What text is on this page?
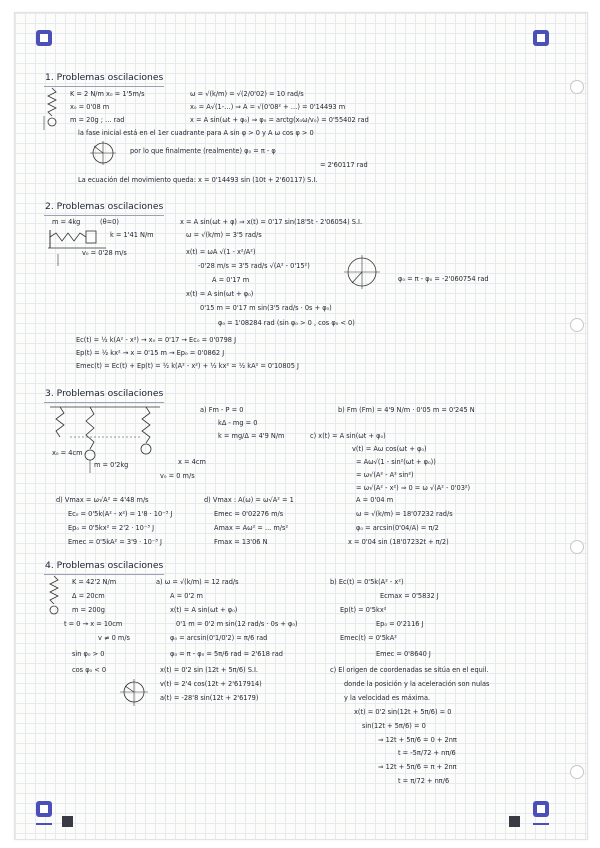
1. Problemas oscilaciones
K = 2 N/m x₀ = 1'5m/s	ω = √(k/m) = √(2/0'02) = 10 rad/s
x₀ = 0'08 m	x₀ = A√(1-…) ⇒ A = √(0'08² + …) = 0'14493 m
m = 20g ; ... rad	x = A sin(ωt + φ₀) ⇒ φ₀ = arctg(x₀ω/v₀) = 0'55402 rad
la fase inicial está en el 1er cuadrante para A sin φ > 0 y A ω cos φ > 0
por lo que finalmente (realmente) φ₀ = π - φ
= 2'60117 rad
La ecuación del movimiento queda: x = 0'14493 sin (10t + 2'60117) S.I.
2. Problemas oscilaciones
m = 4kg	(θ=0)	x = A sin(ωt + φ) ⇒ x(t) = 0'17 sin(18'5t - 2'06054) S.I.
k = 1'41 N/m	ω = √(k/m) = 3'5 rad/s
v₀ = 0'28 m/s	x(t) = ωA √(1 - x²/A²)
-0'28 m/s = 3'5 rad/s √(A² - 0'15²)
A = 0'17 m
x(t) = A sin(ωt + φ₀)
0'15 m = 0'17 m sin(3'5 rad/s · 0s + φ₀)
φ₀ = 1'08284 rad (sin φ₀ > 0 , cos φ₀ < 0)
φ₀ = π - φ₀ = -2'060754 rad
Ec(t) = ½ k(A² - x²) → x₀ = 0'17 → Ec₀ = 0'0798 J
Ep(t) = ½ kx² → x = 0'15 m → Ep₀ = 0'0862 J
Emec(t) = Ec(t) + Ep(t) = ½ k(A² - x²) + ½ kx² = ½ kA² = 0'10805 J
3. Problemas oscilaciones
x₀ = 4cm
m = 0'2kg	x = 4cm
v₀ = 0 m/s
a) Fm - P = 0
kΔ - mg = 0
k = mg/Δ = 4'9 N/m
b) Fm (Fm) = 4'9 N/m · 0'05 m = 0'245 N
c) x(t) = A sin(ωt + φ₀)
v(t) = Aω cos(ωt + φ₀)
= Aω√(1 - sin²(ωt + φ₀))
= ω√(A² - A² sin²)
= ω√(A² - x²) ⇒ 0 = ω √(A² - 0'03²)
d) Vmax = ω√A² = 4'48 m/s	d) Vmax : A(ω) = ω√A² = 1	A = 0'04 m
Ec₀ = 0'5k(A² - x²) = 1'8 · 10⁻³ J	Emec = 0'02276 m/s	ω = √(k/m) = 18'07232 rad/s
Ep₀ = 0'5kx² = 2'2 · 10⁻³ J	Amax = Aω² = ... m/s²	φ₀ = arcsin(0'04/A) = π/2
Emec = 0'5kA² = 3'9 · 10⁻³ J	Fmax = 13'06 N	x = 0'04 sin (18'07232t + π/2)
4. Problemas oscilaciones
K = 42'2 N/m	a) ω = √(k/m) = 12 rad/s
Δ = 20cm	A = 0'2 m
m = 200g	x(t) = A sin(ωt + φ₀)
t = 0 → x = 10cm	0'1 m = 0'2 m sin(12 rad/s · 0s + φ₀)
v ≠ 0 m/s	φ₀ = arcsin(0'1/0'2) = π/6 rad
sin φ₀ > 0	φ₀ = π - φ₀ = 5π/6 rad = 2'618 rad
cos φ₀ < 0	x(t) = 0'2 sin (12t + 5π/6) S.I.
v(t) = 2'4 cos(12t + 2'617914)
a(t) = -28'8 sin(12t + 2'6179)
b) Ec(t) = 0'5k(A² - x²)
Ecmax = 0'5832 J
Ep(t) = 0'5kx²
Ep₀ = 0'2116 J
Emec(t) = 0'5kA²
Emec = 0'8640 J
c) El origen de coordenadas se sitúa en el equil.
donde la posición y la aceleración son nulas
y la velocidad es máxima.
x(t) = 0'2 sin(12t + 5π/6) = 0
sin(12t + 5π/6) = 0
⇒ 12t + 5π/6 = 0 + 2nπ
t = -5π/72 + nπ/6
⇒ 12t + 5π/6 = π + 2nπ
t = π/72 + nπ/6
